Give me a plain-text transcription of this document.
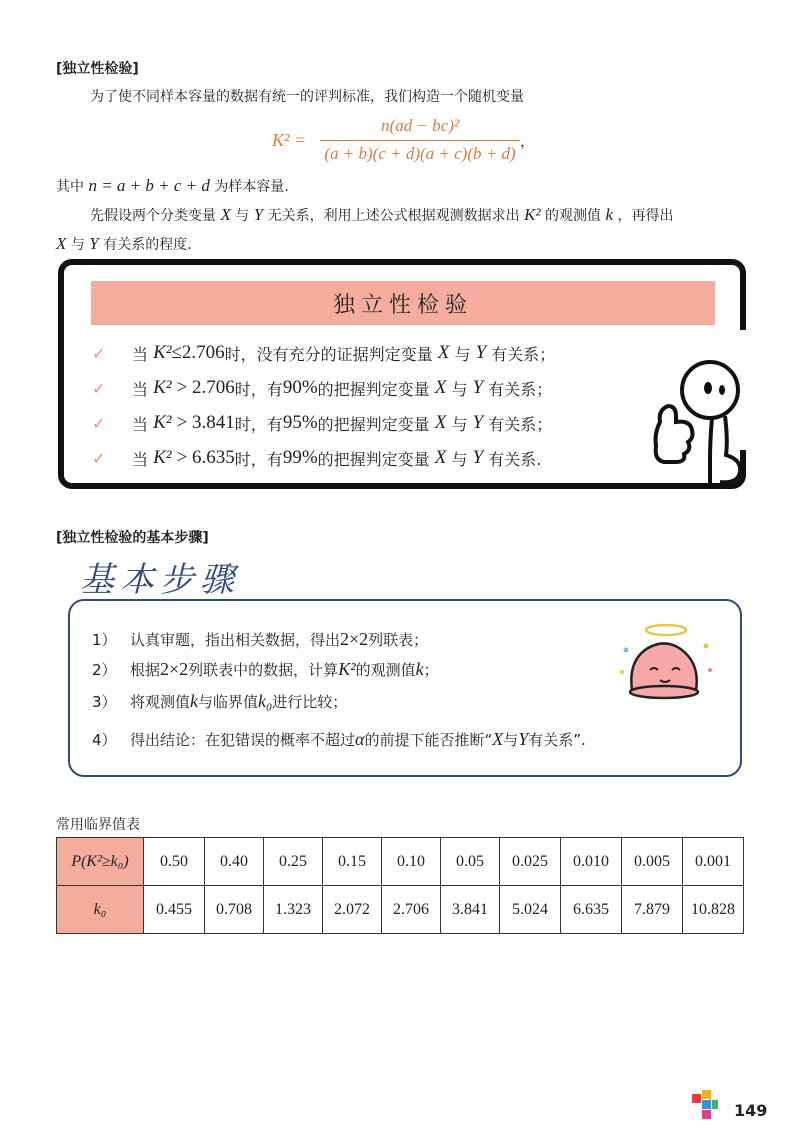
[独立性检验]
为了使不同样本容量的数据有统一的评判标准，我们构造一个随机变量
K² =
n(ad − bc)²
(a + b)(c + d)(a + c)(b + d)
，
其中 n = a + b + c + d 为样本容量.
先假设两个分类变量 X 与 Y 无关系，利用上述公式根据观测数据求出 K² 的观测值 k ，再得出
X 与 Y 有关系的程度.
独立性检验
✓	当
K² ≤2.706 时，没有充分的证据判定变量
X
与
Y
有关系；
✓	当
K²
> 2.706 时，有 90% 的把握判定变量
X
与
Y
有关系；
✓	当
K²
> 3.841 时，有 95% 的把握判定变量
X
与
Y
有关系；
✓	当
K²
> 6.635 时，有 99% 的把握判定变量
X
与
Y
有关系.
[独立性检验的基本步骤]
基本步骤
1） 认真审题，指出相关数据，得出 2×2 列联表；
2） 根据 2×2 列联表中的数据，计算 K² 的观测值 k ；
3） 将观测值 k 与临界值 k₀ 进行比较；
4） 得出结论：在犯错误的概率不超过 α 的前提下能否推断“ X 与 Y 有关系”.
常用临界值表
P(K²≥k₀)	0.50	0.40	0.25	0.15	0.10	0.05	0.025	0.010	0.005	0.001
k₀	0.455	0.708	1.323	2.072	2.706	3.841	5.024	6.635	7.879	10.828
149
